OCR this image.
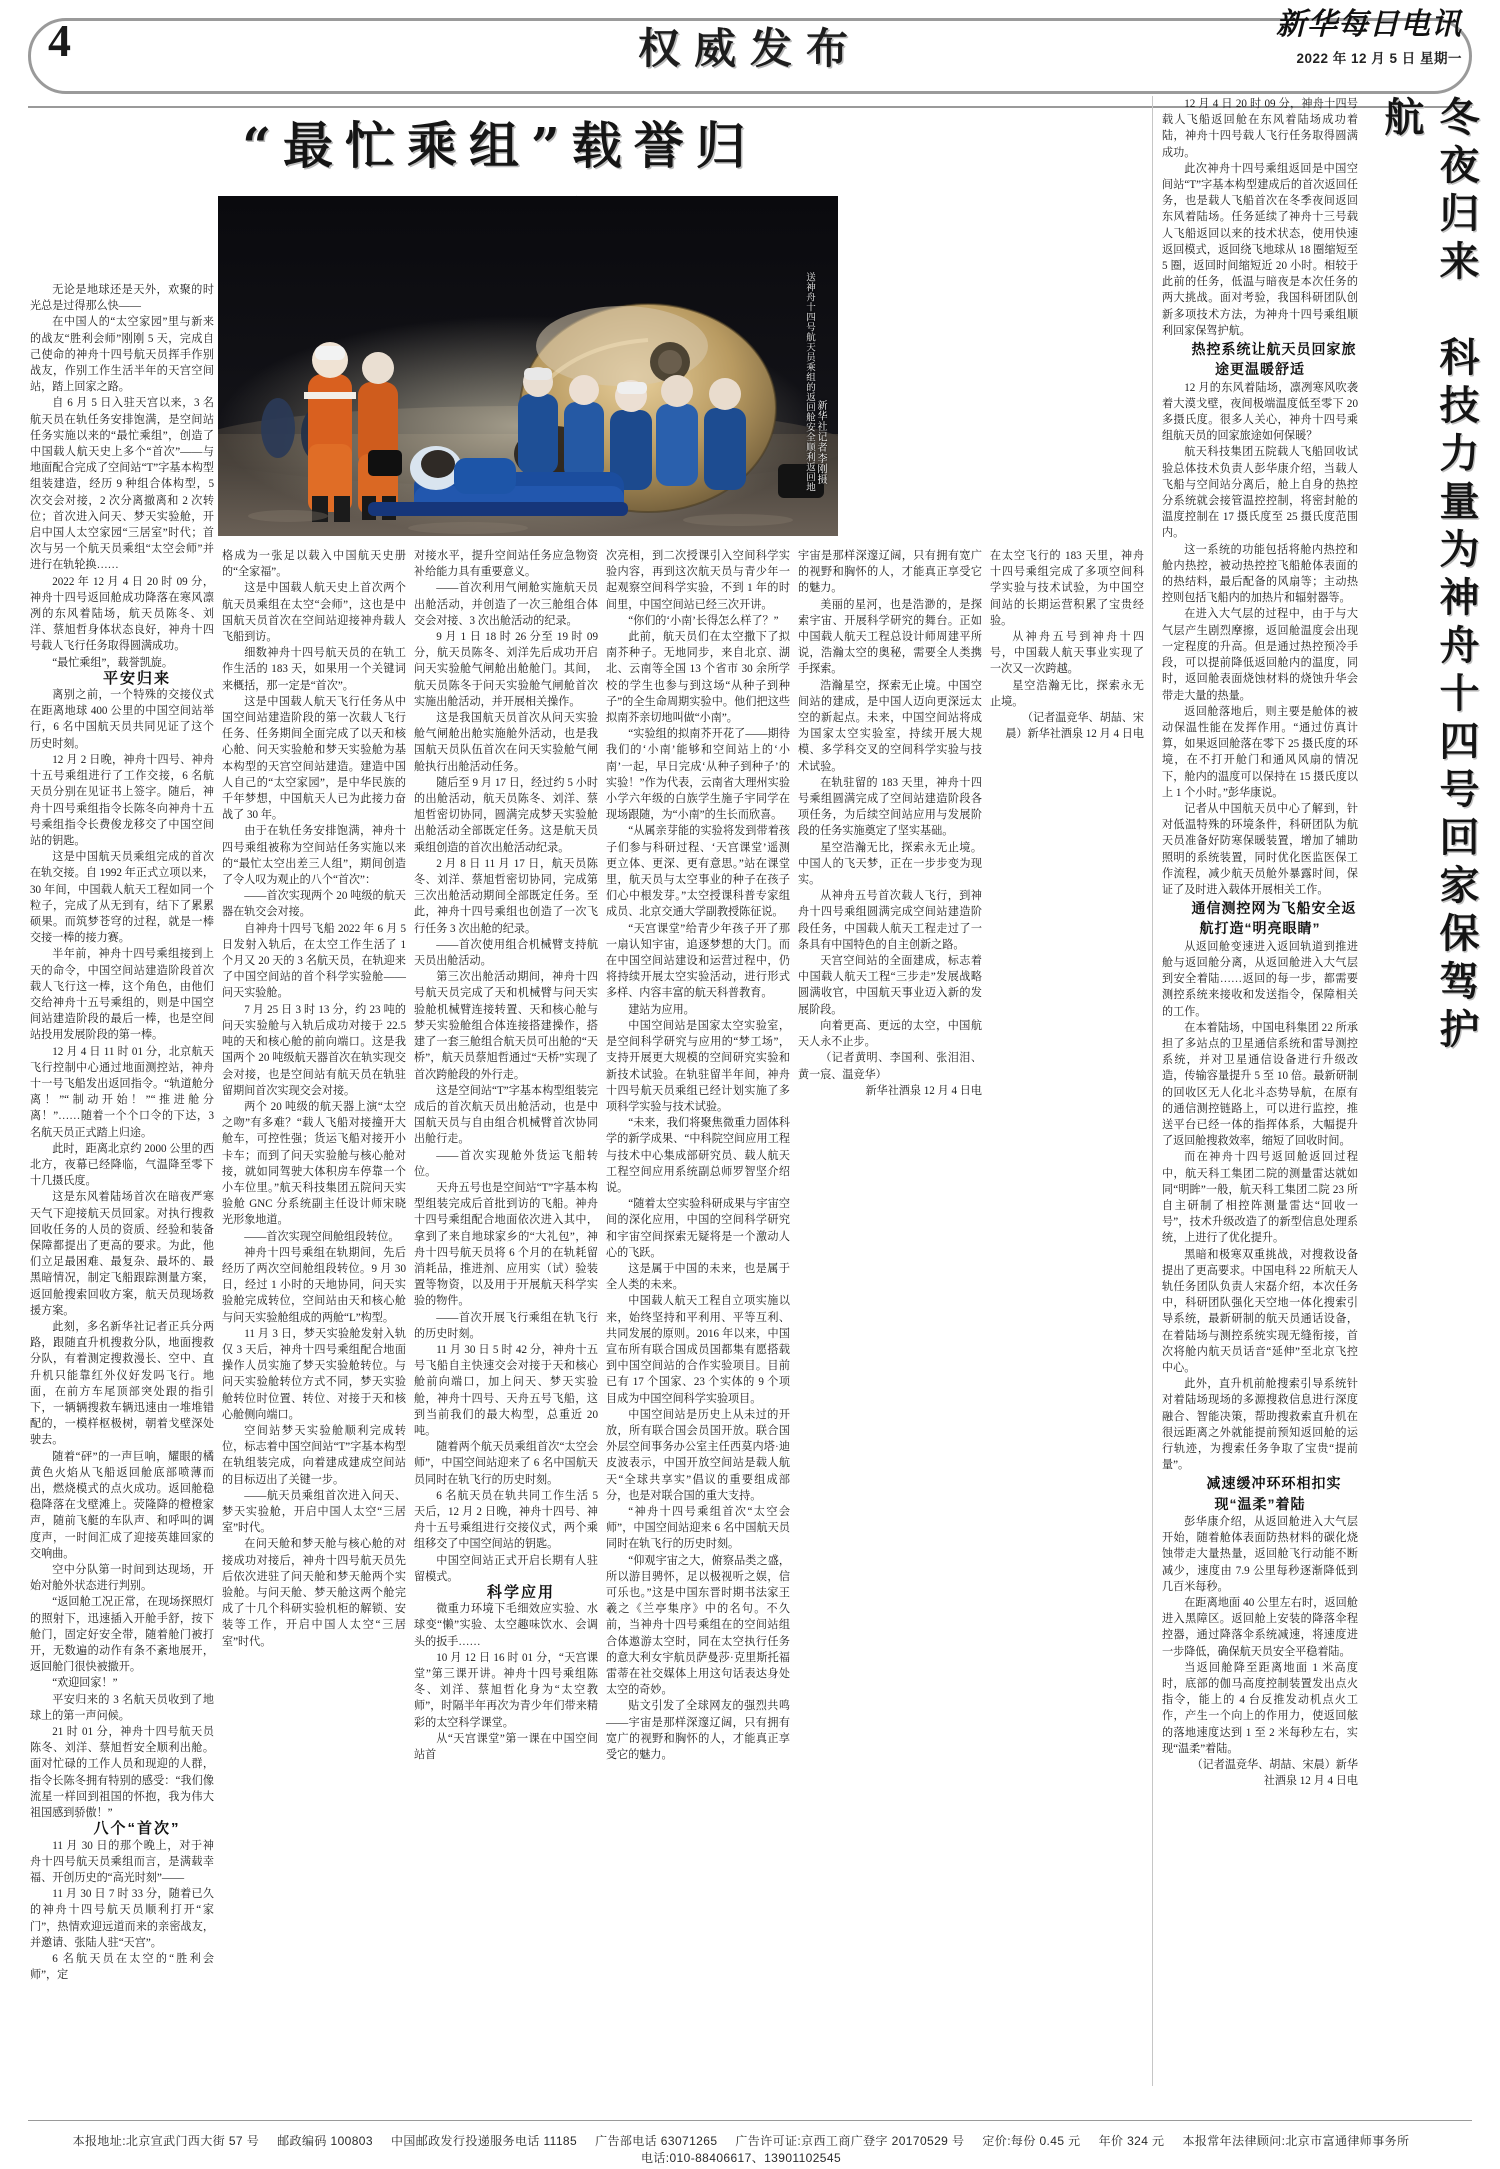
4	权威发布	新华每日电讯
2022 年 12 月 5 日 星期一
“最忙乘组”载誉归
送神舟十四号航天员乘组的返回舱安全顺利返回地 新华社记者李刚摄
冬夜归来　科技力量为神舟十四号回家保驾护航

无论是地球还是天外，欢聚的时光总是过得那么快——

在中国人的“太空家园”里与新来的战友“胜利会师”刚刚 5 天，完成自己使命的神舟十四号航天员挥手作别战友，作别工作生活半年的天宫空间站，踏上回家之路。

自 6 月 5 日入驻天宫以来，3 名航天员在轨任务安排饱满，是空间站任务实施以来的“最忙乘组”，创造了中国载人航天史上多个“首次”——与地面配合完成了空间站“T”字基本构型组装建造，经历 9 种组合体构型，5 次交会对接，2 次分离撤离和 2 次转位；首次进入问天、梦天实验舱，开启中国人太空家园“三居室”时代；首次与另一个航天员乘组“太空会师”并进行在轨轮换……

2022 年 12 月 4 日 20 时 09 分，神舟十四号返回舱成功降落在寒风凛冽的东风着陆场，航天员陈冬、刘洋、蔡旭哲身体状态良好，神舟十四号载人飞行任务取得圆满成功。

“最忙乘组”，载誉凯旋。

平安归来

离别之前，一个特殊的交接仪式在距离地球 400 公里的中国空间站举行，6 名中国航天员共同见证了这个历史时刻。

12 月 2 日晚，神舟十四号、神舟十五号乘组进行了工作交接，6 名航天员分别在见证书上签字。随后，神舟十四号乘组指令长陈冬向神舟十五号乘组指令长费俊龙移交了中国空间站的钥匙。

这是中国航天员乘组完成的首次在轨交接。自 1992 年正式立项以来，30 年间，中国载人航天工程如同一个粒子，完成了从无到有，结下了累累硕果。而筑梦苍穹的过程，就是一棒交接一棒的接力赛。

半年前，神舟十四号乘组接到上天的命令，中国空间站建造阶段首次载人飞行这一棒，这个角色，由他们交给神舟十五号乘组的，则是中国空间站建造阶段的最后一棒，也是空间站投用发展阶段的第一棒。

12 月 4 日 11 时 01 分，北京航天飞行控制中心通过地面测控站，神舟十一号飞船发出返回指令。“轨道舱分离！”“制动开始！”“推进舱分离！”……随着一个个口令的下达，3 名航天员正式踏上归途。

此时，距离北京约 2000 公里的西北方，夜幕已经降临，气温降至零下十几摄氏度。

这是东风着陆场首次在暗夜严寒天气下迎接航天员回家。对执行搜救回收任务的人员的资质、经验和装备保障都提出了更高的要求。为此，他们立足最困难、最复杂、最坏的、最黑暗情况，制定飞船跟踪测量方案，返回舱搜索回收方案，航天员现场救援方案。

此刻，多名新华社记者正兵分两路，跟随直升机搜救分队，地面搜救分队，有着测定搜救漫长、空中、直升机只能靠红外仪好发吗飞行。地面，在前方车尾顶部突处跟的指引下，一辆辆搜救车辆迅速由一堆堆错配的，一模样枢极树，朝着戈壁深处驶去。

随着“砰”的一声巨响，耀眼的橘黄色火焰从飞船返回舱底部喷薄而出，燃烧模式的点火成功。返回舱稳稳降落在戈壁滩上。荧隆降的橙橙家声，随前飞艇的车队声、和呼叫的调度声，一时间汇成了迎接英雄回家的交响曲。

空中分队第一时间到达现场，开始对舱外状态进行判别。

“返回舱工况正常，在现场探照灯的照射下，迅速插入开舱手舒，按下舱门，固定好安全带，随着舱门被打开，无数遍的动作有条不紊地展开，返回舱门很快被撤开。

“欢迎回家！”

平安归来的 3 名航天员收到了地球上的第一声问候。

21 时 01 分，神舟十四号航天员陈冬、刘洋、蔡旭哲安全顺利出舱。面对忙碌的工作人员和现迎的人群，指令长陈冬拥有特别的感受：“我们像流星一样回到祖国的怀抱，我为伟大祖国感到骄傲！”

八个“首次”

11 月 30 日的那个晚上，对于神舟十四号航天员乘组而言，是满载幸福、开创历史的“高光时刻”——

11 月 30 日 7 时 33 分，随着已久的神舟十四号航天员顺利打开“家门”，热情欢迎远道而来的亲密战友，并邀请、张陆人驻“天宫”。

6 名航天员在太空的“胜利会师”，定

格成为一张足以载入中国航天史册的“全家福”。

这是中国载人航天史上首次两个航天员乘组在太空“会师”，这也是中国航天员首次在空间站迎接神舟载人飞船到访。

细数神舟十四号航天员的在轨工作生活的 183 天，如果用一个关键词来概括，那一定是“首次”。

这是中国载人航天飞行任务从中国空间站建造阶段的第一次载人飞行任务、任务期间全面完成了以天和核心舱、问天实验舱和梦天实验舱为基本构型的天宫空间站建造。建造中国人自己的“太空家园”，是中华民族的千年梦想，中国航天人已为此接力奋战了 30 年。

由于在轨任务安排饱满，神舟十四号乘组被称为空间站任务实施以来的“最忙太空出差三人组”，期间创造了令人叹为观止的八个“首次”：

——首次实现两个 20 吨级的航天器在轨交会对接。

自神舟十四号飞船 2022 年 6 月 5 日发射入轨后，在太空工作生活了 1 个月又 20 天的 3 名航天员，在轨迎来了中国空间站的首个科学实验舱——问天实验舱。

7 月 25 日 3 时 13 分，约 23 吨的问天实验舱与入轨后成功对接于 22.5 吨的天和核心舱的前向端口。这是我国两个 20 吨级航天器首次在轨实现交会对接，也是空间站有航天员在轨驻留期间首次实现交会对接。

两个 20 吨级的航天器上演“太空之吻”有多难？“载人飞船对接撞开大舱车，可控性强；货运飞船对接开小卡车；而到了问天实验舱与核心舱对接，就如同驾驶大体积房车停靠一个小车位里。”航天科技集团五院问天实验舱 GNC 分系统副主任设计师宋晓光形象地道。

——首次实现空间舱组段转位。

神舟十四号乘组在轨期间，先后经历了两次空间舱组段转位。9 月 30 日，经过 1 小时的天地协同，问天实验舱完成转位，空间站由天和核心舱与问天实验舱组成的两舱“L”构型。

11 月 3 日，梦天实验舱发射入轨仅 3 天后，神舟十四号乘组配合地面操作人员实施了梦天实验舱转位。与问天实验舱转位方式不同，梦天实验舱转位时位置、转位、对接于天和核心舱侧向端口。

空间站梦天实验舱顺利完成转位，标志着中国空间站“T”字基本构型在轨组装完成，向着建成建成空间站的目标迈出了关键一步。

——航天员乘组首次进入问天、梦天实验舱，开启中国人太空“三居室”时代。

在问天舱和梦天舱与核心舱的对接成功对接后，神舟十四号航天员先后依次进驻了问天舱和梦天舱两个实验舱。与问天舱、梦天舱这两个舱完成了十几个科研实验机柜的解锁、安装等工作，开启中国人太空“三居室”时代。

对接水平，提升空间站任务应急物资补给能力具有重要意义。

——首次利用气闸舱实施航天员出舱活动，并创造了一次三舱组合体交会对接、3 次出舱活动的纪录。

9 月 1 日 18 时 26 分至 19 时 09 分，航天员陈冬、刘洋先后成功开启问天实验舱气闸舱出舱舱门。其间，航天员陈冬于问天实验舱气闸舱首次实施出舱活动，并开展相关操作。

这是我国航天员首次从问天实验舱气闸舱出舱实施舱外活动，也是我国航天员队伍首次在问天实验舱气闸舱执行出舱活动任务。

随后至 9 月 17 日，经过约 5 小时的出舱活动，航天员陈冬、刘洋、蔡旭哲密切协同，圆满完成梦天实验舱出舱活动全部既定任务。这是航天员乘组创造的首次出舱活动纪录。

2 月 8 日 11 月 17 日，航天员陈冬、刘洋、蔡旭哲密切协同，完成第三次出舱活动期间全部既定任务。至此，神舟十四号乘组也创造了一次飞行任务 3 次出舱的纪录。

——首次使用组合机械臂支持航天员出舱活动。

第三次出舱活动期间，神舟十四号航天员完成了天和机械臂与问天实验舱机械臂连接转置、天和核心舱与梦天实验舱组合体连接搭建操作，搭建了一套三舱组合航天员可出舱的“天桥”，航天员蔡旭哲通过“天桥”实现了首次跨舱段的外行走。

这是空间站“T”字基本构型组装完成后的首次航天员出舱活动，也是中国航天员与自由组合机械臂首次协同出舱行走。

——首次实现舱外货运飞船转位。

天舟五号也是空间站“T”字基本构型组装完成后首批到访的飞船。神舟十四号乘组配合地面依次进入其中，拿到了来自地球家乡的“大礼包”，神舟十四号航天员将 6 个月的在轨耗留消耗品，推进剂、应用实（试）验装置等物资，以及用于开展航天科学实验的物件。

——首次开展飞行乘组在轨飞行的历史时刻。

11 月 30 日 5 时 42 分，神舟十五号飞船自主快速交会对接于天和核心舱前向端口，加上问天、梦天实验舱，神舟十四号、天舟五号飞船，这到当前我们的最大构型，总重近 20 吨。

随着两个航天员乘组首次“太空会师”，中国空间站迎来了 6 名中国航天员同时在轨飞行的历史时刻。

6 名航天员在轨共同工作生活 5 天后，12 月 2 日晚，神舟十四号、神舟十五号乘组进行交接仪式，两个乘组移交了中国空间站的钥匙。

中国空间站正式开启长期有人驻留模式。

科学应用

微重力环境下毛细效应实验、水球变“懒”实验、太空趣味饮水、会调头的扳手……

10 月 12 日 16 时 01 分，“天宫课堂”第三课开讲。神舟十四号乘组陈冬、刘洋、蔡旭哲化身为“太空教师”，时隔半年再次为青少年们带来精彩的太空科学课堂。

从“天宫课堂”第一课在中国空间站首

次亮相，到二次授课引入空间科学实验内容，再到这次航天员与青少年一起观察空间科学实验，不到 1 年的时间里，中国空间站已经三次开讲。

“你们的‘小南’长得怎么样了？”

此前，航天员们在太空撒下了拟南芥种子。无地同步，来自北京、湖北、云南等全国 13 个省市 30 余所学校的学生也参与到这场“从种子到种子”的全生命周期实验中。他们把这些拟南芥亲切地叫做“小南”。

“实验组的拟南芥开花了——期待我们的‘小南’能够和空间站上的‘小南’一起，早日完成‘从种子到种子’的实验！”作为代表，云南省大理州实验小学六年级的白族学生施子宇同学在现场跟随，为“小南”的生长而欣喜。

“从属亲芽能的实验将发到带着孩子们参与科研过程、‘天宫课堂’遥测更立体、更深、更有意思。”站在课堂里，航天员与太空事业的种子在孩子们心中根发芽。”太空授课科普专家组成员、北京交通大学副教授陈征说。

“天宫课堂”给青少年孩子开了那一扇认知宇宙，追逐梦想的大门。而在中国空间站建设和运营过程中，仍将持续开展太空实验活动，进行形式多样、内容丰富的航天科普教育。

建站为应用。

中国空间站是国家太空实验室，是空间科学研究与应用的“梦工场”，支持开展更大规模的空间研究实验和新技术试验。在轨驻留半年间，神舟十四号航天员乘组已经计划实施了多项科学实验与技术试验。

“未来，我们将聚焦微重力固体科学的新学成果、“中科院空间应用工程与技术中心集成部研究员、载人航天工程空间应用系统副总师罗智坚介绍说。

“随着太空实验科研成果与宇宙空间的深化应用，中国的空间科学研究和宇宙空间探索无疑将是一个激动人心的飞跃。

这是属于中国的未来，也是属于全人类的未来。

中国载人航天工程自立项实施以来，始终坚持和平利用、平等互利、共同发展的原则。2016 年以来，中国宣布所有联合国成员国都集有愿搭载到中国空间站的合作实验项目。目前已有 17 个国家、23 个实体的 9 个项目成为中国空间科学实验项目。

中国空间站是历史上从未过的开放，所有联合国会员国开放。联合国外层空间事务办公室主任西莫内塔·迪皮波表示，中国开放空间站是载人航天“全球共享实”倡议的重要组成部分，也是对联合国的重大支持。

“神舟十四号乘组首次“太空会师”，中国空间站迎来 6 名中国航天员同时在轨飞行的历史时刻。

“仰观宇宙之大，俯察品类之盛，所以游目骋怀，足以极视听之娱，信可乐也。”这是中国东晋时期书法家王羲之《兰亭集序》中的名句。不久前，当神舟十四号乘组在的空间站组合体遨游太空时，同在太空执行任务的意大利女宇航员萨曼莎·克里斯托福雷蒂在社交媒体上用这句话表达身处太空的奇妙。

贴文引发了全球网友的强烈共鸣——宇宙是那样深邃辽阔，只有拥有宽广的视野和胸怀的人，才能真正享受它的魅力。

宇宙是那样深邃辽阔，只有拥有宽广的视野和胸怀的人，才能真正享受它的魅力。

美丽的星河，也是浩渺的，是探索宇宙、开展科学研究的舞台。正如中国载人航天工程总设计师周建平所说，浩瀚太空的奥秘，需要全人类携手探索。

浩瀚星空，探索无止境。中国空间站的建成，是中国人迈向更深远太空的新起点。未来，中国空间站将成为国家太空实验室，持续开展大规模、多学科交叉的空间科学实验与技术试验。

在轨驻留的 183 天里，神舟十四号乘组圆满完成了空间站建造阶段各项任务，为后续空间站应用与发展阶段的任务实施奠定了坚实基础。

星空浩瀚无比，探索永无止境。中国人的飞天梦，正在一步步变为现实。

从神舟五号首次载人飞行，到神舟十四号乘组圆满完成空间站建造阶段任务，中国载人航天工程走过了一条具有中国特色的自主创新之路。

天宫空间站的全面建成，标志着中国载人航天工程“三步走”发展战略圆满收官，中国航天事业迈入新的发展阶段。

向着更高、更远的太空，中国航天人永不止步。

（记者黄明、李国利、张泪泪、黄一宸、温竞华）

新华社酒泉 12 月 4 日电

在太空飞行的 183 天里，神舟十四号乘组完成了多项空间科学实验与技术试验，为中国空间站的长期运营积累了宝贵经验。

从神舟五号到神舟十四号，中国载人航天事业实现了一次又一次跨越。

星空浩瀚无比，探索永无止境。

（记者温竞华、胡喆、宋晨）新华社酒泉 12 月 4 日电

12 月 4 日 20 时 09 分，神舟十四号载人飞船返回舱在东风着陆场成功着陆，神舟十四号载人飞行任务取得圆满成功。

此次神舟十四号乘组返回是中国空间站“T”字基本构型建成后的首次返回任务，也是载人飞船首次在冬季夜间返回东风着陆场。任务延续了神舟十三号载人飞船返回以来的技术状态，使用快速返回模式，返回绕飞地球从 18 圈缩短至 5 圈，返回时间缩短近 20 小时。相较于此前的任务，低温与暗夜是本次任务的两大挑战。面对考验，我国科研团队创新多项技术方法，为神舟十四号乘组顺利回家保驾护航。

热控系统让航天员回家旅途更温暖舒适

12 月的东风着陆场，凛冽寒风吹袭着大漠戈壁，夜间极端温度低至零下 20 多摄氏度。很多人关心，神舟十四号乘组航天员的回家旅途如何保暖？

航天科技集团五院载人飞船回收试验总体技术负责人彭华康介绍，当载人飞船与空间站分离后，舱上自身的热控分系统就会接管温控控制，将密封舱的温度控制在 17 摄氏度至 25 摄氏度范围内。

这一系统的功能包括将舱内热控和舱内热控，被动热控控飞船舱体表面的的热结料，最后配备的风扇等；主动热控则包括飞船内的加热片和辐射器等。

在进入大气层的过程中，由于与大气层产生剧烈摩擦，返回舱温度会出现一定程度的升高。但是通过热控预冷手段，可以提前降低返回舱内的温度，同时，返回舱表面烧蚀材料的烧蚀升华会带走大量的热量。

返回舱落地后，则主要是舱体的被动保温性能在发挥作用。“通过仿真计算，如果返回舱落在零下 25 摄氏度的环境，在不打开舱门和通风风扇的情况下，舱内的温度可以保持在 15 摄氏度以上 1 个小时。”彭华康说。

记者从中国航天员中心了解到，针对低温特殊的环境条件，科研团队为航天员准备好防寒保暖装置，增加了辅助照明的系统装置，同时优化医监医保工作流程，减少航天员舱外暴露时间，保证了及时进入载体开展相关工作。

通信测控网为飞船安全返航打造“明亮眼睛”

从返回舱变速进入返回轨道到推进舱与返回舱分离，从返回舱进入大气层到安全着陆……返回的每一步，都需要测控系统来接收和发送指令，保障相关的工作。

在本着陆场，中国电科集团 22 所承担了多站点的卫星通信系统和雷导测控系统，并对卫星通信设备进行升级改造，传输容量提升 5 至 10 倍。最新研制的回收区无人化北斗态势导航，在原有的通信测控链路上，可以进行监控，推送平台已经一体的指挥体系，大幅提升了返回舱搜救效率，缩短了回收时间。

而在神舟十四号返回舱返回过程中，航天科工集团二院的测量雷达就如同“明眸”一般，航天科工集团二院 23 所自主研制了相控阵测量雷达“回收一号”，技术升级改造了的新型信息处理系统，上进行了优化提升。

黑暗和极寒双重挑战，对搜救设备提出了更高要求。中国电科 22 所航天人轨任务团队负责人宋磊介绍，本次任务中，科研团队强化天空地一体化搜索引导系统，最新研制的航天员通话设备，在着陆场与测控系统实现无缝衔接，首次将舱内航天员话音“延伸”至北京飞控中心。

此外，直升机前舱搜索引导系统针对着陆场现场的多源搜救信息进行深度融合、智能决策，帮助搜救索直升机在很远距离之外就能提前预知返回舱的运行轨迹，为搜索任务争取了宝贵“提前量”。

减速缓冲环环相扣实现“温柔”着陆

彭华康介绍，从返回舱进入大气层开始，随着舱体表面防热材料的碳化烧蚀带走大量热量，返回舱飞行动能不断减少，速度由 7.9 公里每秒逐渐降低到几百米每秒。

在距离地面 40 公里左右时，返回舱进入黑障区。返回舱上安装的降落伞程控器，通过降落伞系统减速，将速度进一步降低，确保航天员安全平稳着陆。

当返回舱降至距离地面 1 米高度时，底部的伽马高度控制装置发出点火指令，能上的 4 台反推发动机点火工作，产生一个向上的作用力，使返回舷的落地速度达到 1 至 2 米每秒左右，实现“温柔”着陆。

（记者温竞华、胡喆、宋晨）新华社酒泉 12 月 4 日电

本报地址:北京宣武门西大街 57 号 邮政编码 100803 中国邮政发行投递服务电话 11185 广告部电话 63071265 广告许可证:京西工商广登字 20170529 号 定价:每份 0.45 元 年价 324 元 本报常年法律顾问:北京市富通律师事务所电话:010-88406617、13901102545
